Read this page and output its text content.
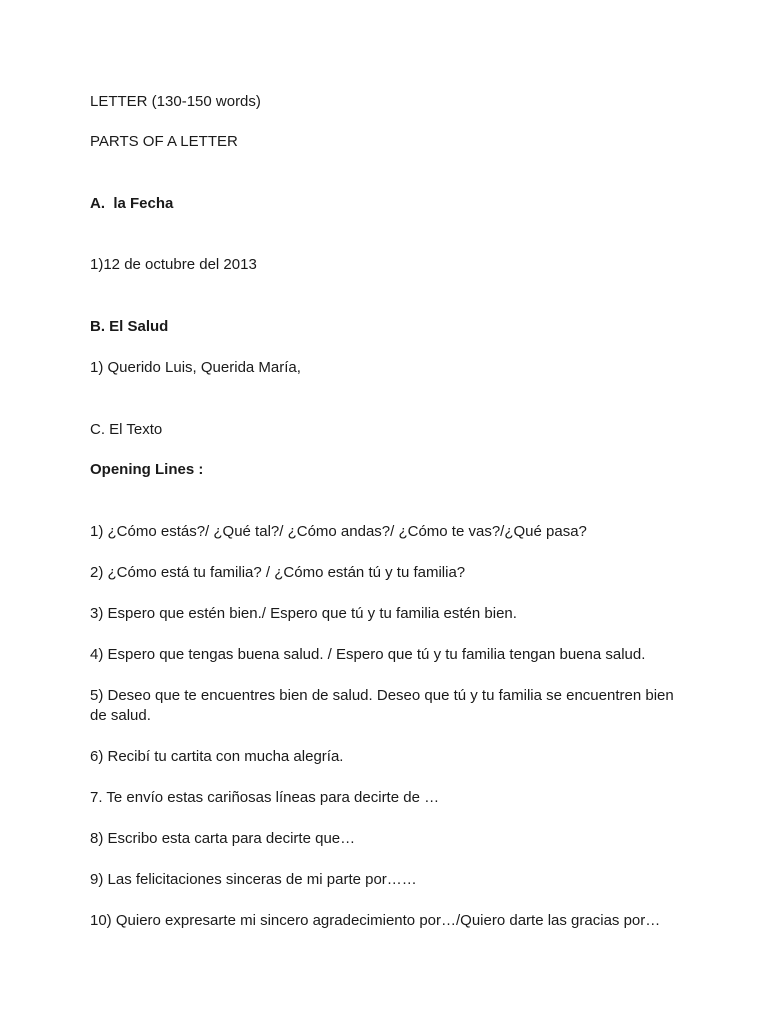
LETTER (130-150 words)
PARTS OF A LETTER
A.  la Fecha
1)12 de octubre del 2013
B. El Salud
1) Querido Luis, Querida María,
C. El Texto
Opening Lines :
1) ¿Cómo estás?/ ¿Qué tal?/ ¿Cómo andas?/ ¿Cómo te vas?/¿Qué pasa?
2) ¿Cómo está tu familia? / ¿Cómo están tú y tu familia?
3) Espero que estén bien./ Espero que tú y tu familia estén bien.
4) Espero que tengas buena salud. / Espero que tú y tu familia tengan buena salud.
5) Deseo que te encuentres bien de salud. Deseo que tú y tu familia se encuentren bien de salud.
6) Recibí tu cartita con mucha alegría.
7. Te envío estas cariñosas líneas para decirte de …
8) Escribo esta carta para decirte que…
9) Las felicitaciones sinceras de mi parte por……
10) Quiero expresarte mi sincero agradecimiento por…/Quiero darte las gracias por…
